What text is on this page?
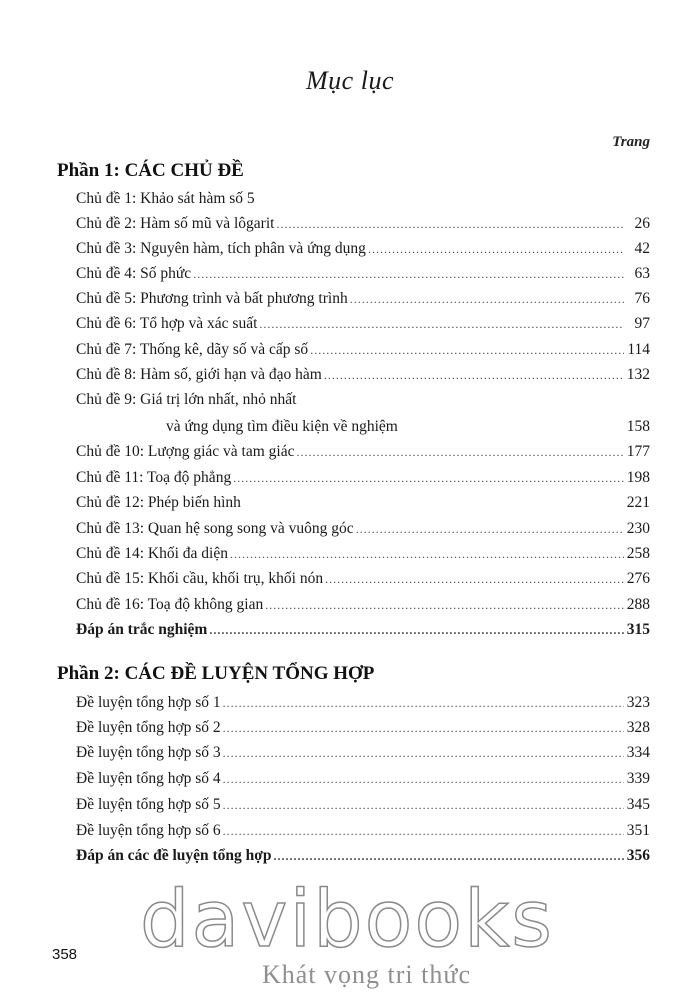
Mục lục
Trang
Phần 1: CÁC CHỦ ĐỀ
Chủ đề 1: Khảo sát hàm số 5
Chủ đề 2: Hàm số mũ và lôgarit .....	26
Chủ đề 3: Nguyên hàm, tích phân và ứng dụng .....	42
Chủ đề 4: Số phức .....	63
Chủ đề 5: Phương trình và bất phương trình .....	76
Chủ đề 6: Tổ hợp và xác suất .....	97
Chủ đề 7: Thống kê, dãy số và cấp số .....	114
Chủ đề 8: Hàm số, giới hạn và đạo hàm .....	132
Chủ đề 9: Giá trị lớn nhất, nhỏ nhất
và ứng dụng tìm điều kiện về nghiệm	158
Chủ đề 10: Lượng giác và tam giác .....	177
Chủ đề 11: Toạ độ phẳng .....	198
Chủ đề 12: Phép biến hình	221
Chủ đề 13: Quan hệ song song và vuông góc .....	230
Chủ đề 14: Khối đa diện .....	258
Chủ đề 15: Khối cầu, khối trụ, khối nón .....	276
Chủ đề 16: Toạ độ không gian .....	288
Đáp án trắc nghiệm .....	315
Phần 2: CÁC ĐỀ LUYỆN TỔNG HỢP
Đề luyện tổng hợp số 1 .....	323
Đề luyện tổng hợp số 2 .....	328
Đề luyện tổng hợp số 3 .....	334
Đề luyện tổng hợp số 4 .....	339
Đề luyện tổng hợp số 5 .....	345
Đề luyện tổng hợp số 6 .....	351
Đáp án các đề luyện tổng hợp .....	356
davibooks
358
Khát vọng tri thức
